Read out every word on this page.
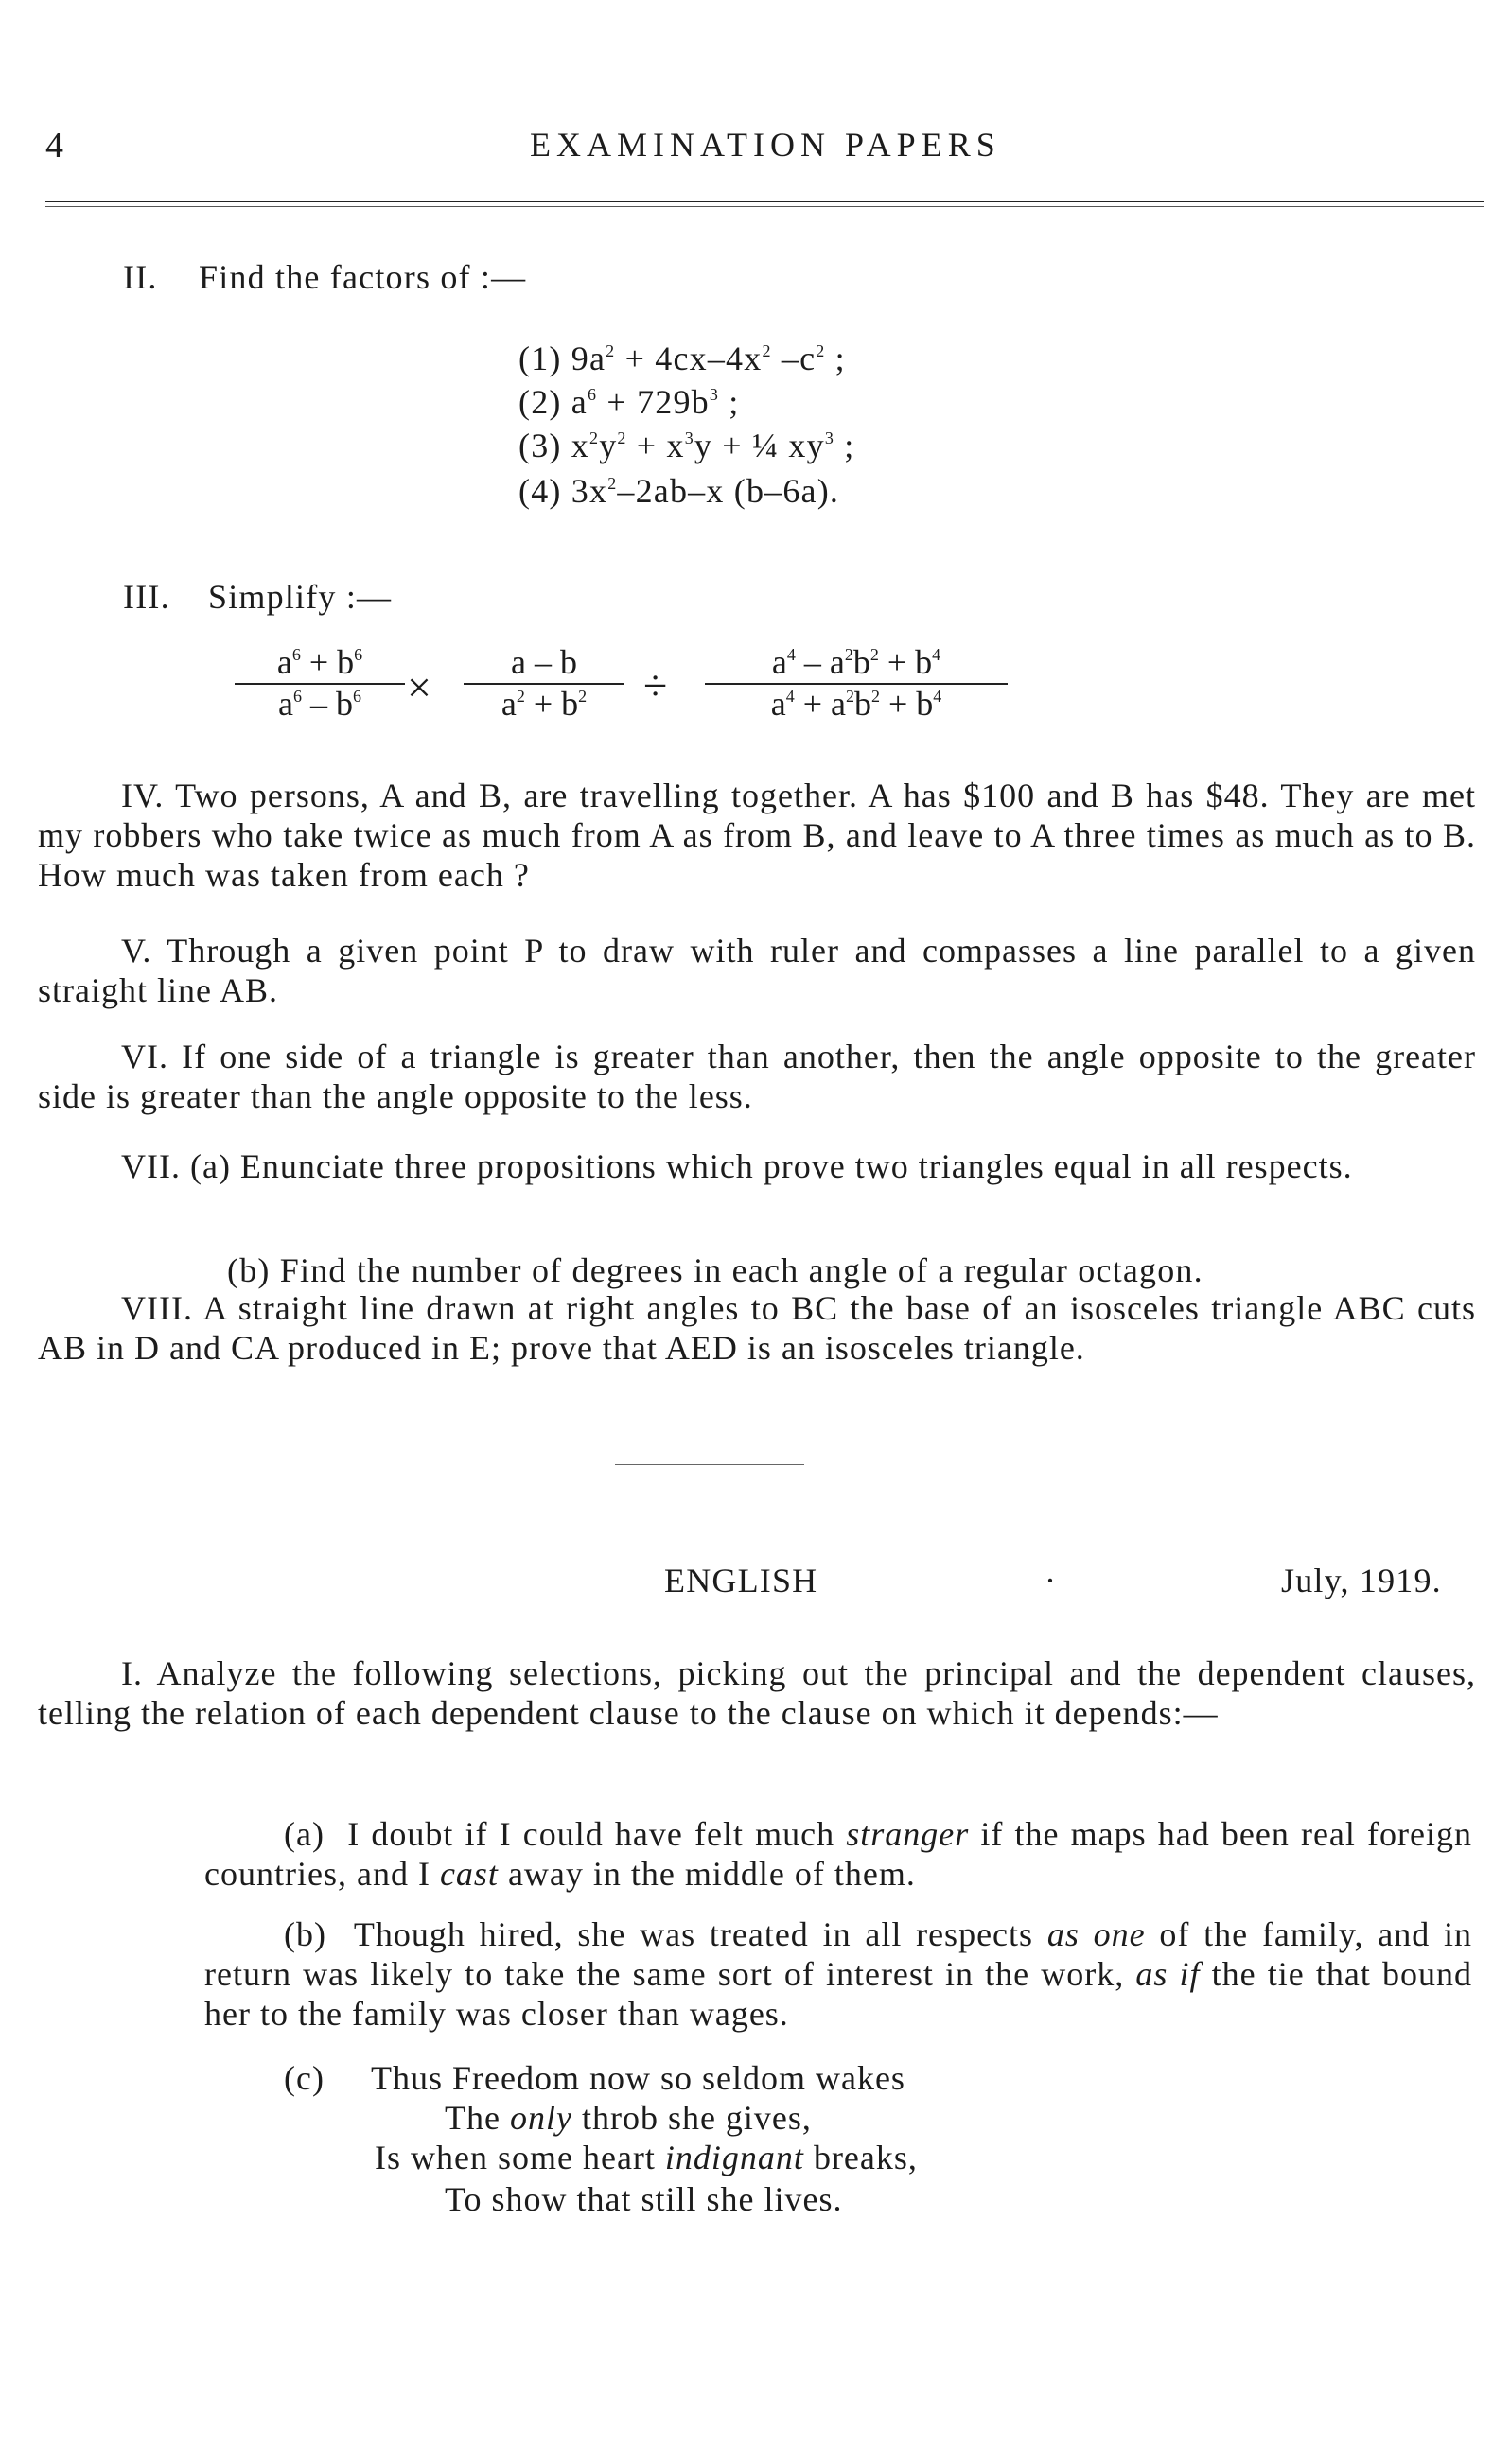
4	EXAMINATION PAPERS
II. Find the factors of :—
(1) $9a^2 + 4cx-4x^2$ $-c^2$ ;
(2) $a^6 + 729b^3$ ;
(3) $x^2y^2 + x^3y$ + ¼ $xy^3$ ;
(4) $3x^2-2ab-x$ (b–6a).
III. Simplify :—
$\frac{a^6 + b^6}{a^6 - b^6} \times \frac{a - b}{a^2 + b^2} \div \frac{a^4 - a^2b^2 + b^4}{a^4 + a^2b^2 + b^4}$
IV. Two persons, A and B, are travelling together. A has $100 and B has $48. They are met my robbers who take twice as much from A as from B, and leave to A three times as much as to B. How much was taken from each ?
V. Through a given point P to draw with ruler and compasses a line parallel to a given straight line AB.
VI. If one side of a triangle is greater than another, then the angle opposite to the greater side is greater than the angle opposite to the less.
VII. (a) Enunciate three propositions which prove two triangles equal in all respects.
(b) Find the number of degrees in each angle of a regular octagon.
VIII. A straight line drawn at right angles to BC the base of an isosceles triangle ABC cuts AB in D and CA produced in E; prove that AED is an isosceles triangle.
ENGLISH	·	July, 1919.
I. Analyze the following selections, picking out the principal and the dependent clauses, telling the relation of each dependent clause to the clause on which it depends:—
(a) I doubt if I could have felt much stranger if the maps had been real foreign countries, and I cast away in the middle of them.
(b) Though hired, she was treated in all respects as one of the family, and in return was likely to take the same sort of interest in the work, as if the tie that bound her to the family was closer than wages.
(c) Thus Freedom now so seldom wakes
The only throb she gives,
Is when some heart indignant breaks,
To show that still she lives.
